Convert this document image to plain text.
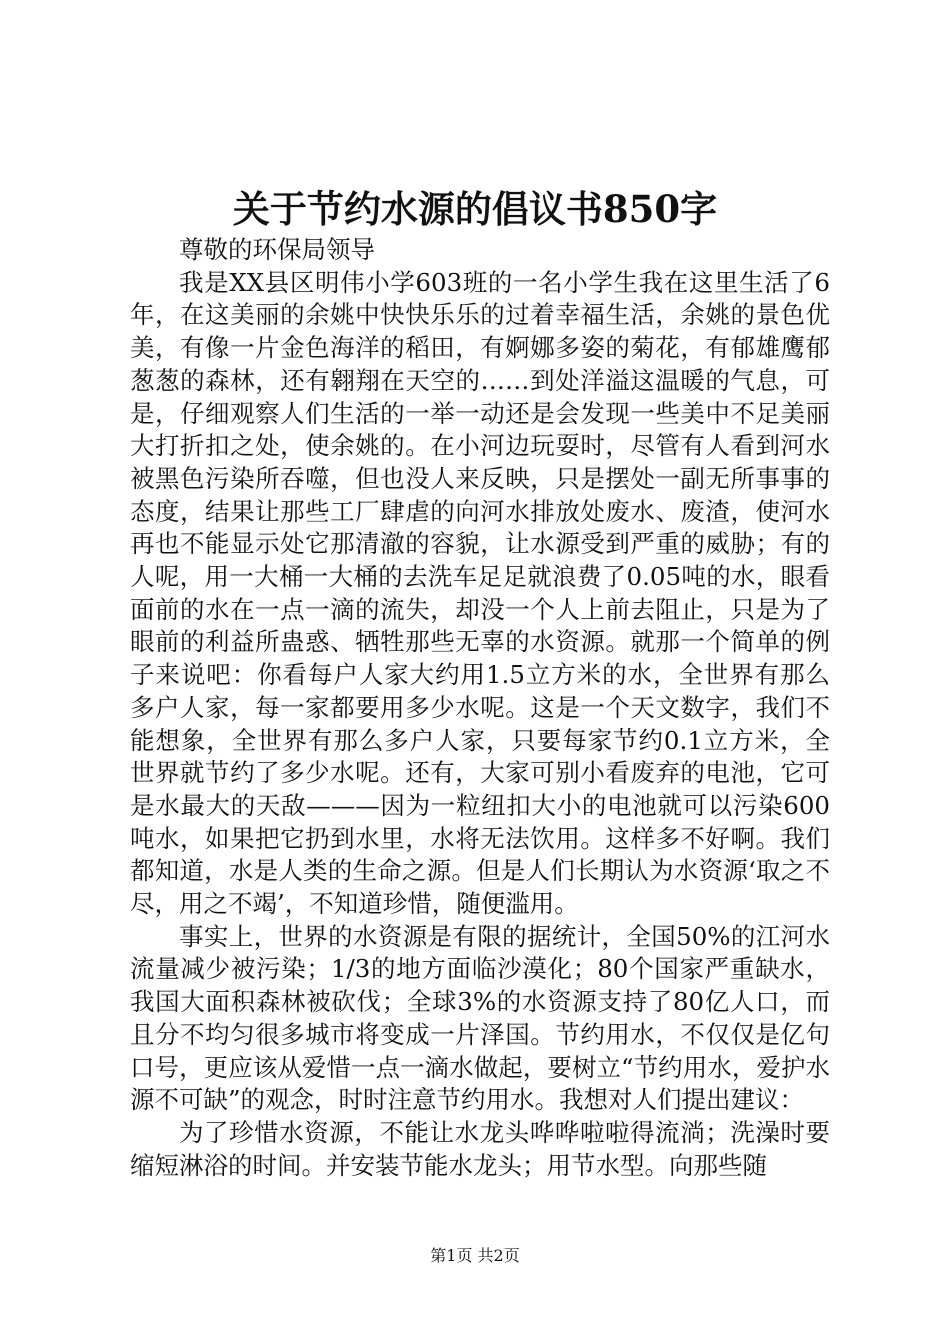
关于节约水源的倡议书850字

尊敬的环保局领导

我是XX县区明伟小学603班的一名小学生我在这里生活了6年，在这美丽的余姚中快快乐乐的过着幸福生活，余姚的景色优美，有像一片金色海洋的稻田，有婀娜多姿的菊花，有郁雄鹰郁葱葱的森林，还有翱翔在天空的……到处洋溢这温暖的气息，可是，仔细观察人们生活的一举一动还是会发现一些美中不足美丽大打折扣之处，使余姚的。在小河边玩耍时，尽管有人看到河水被黑色污染所吞噬，但也没人来反映，只是摆处一副无所事事的态度，结果让那些工厂肆虐的向河水排放处废水、废渣，使河水再也不能显示处它那清澈的容貌，让水源受到严重的威胁；有的人呢，用一大桶一大桶的去洗车足足就浪费了0.05吨的水，眼看面前的水在一点一滴的流失，却没一个人上前去阻止，只是为了眼前的利益所蛊惑、牺牲那些无辜的水资源。就那一个简单的例子来说吧：你看每户人家大约用1.5立方米的水，全世界有那么多户人家，每一家都要用多少水呢。这是一个天文数字，我们不能想象，全世界有那么多户人家，只要每家节约0.1立方米，全世界就节约了多少水呢。还有，大家可别小看废弃的电池，它可是水最大的天敌———因为一粒纽扣大小的电池就可以污染600吨水，如果把它扔到水里，水将无法饮用。这样多不好啊。我们都知道，水是人类的生命之源。但是人们长期认为水资源‘取之不尽，用之不竭’，不知道珍惜，随便滥用。

事实上，世界的水资源是有限的据统计，全国50%的江河水流量减少被污染；1/3的地方面临沙漠化；80个国家严重缺水，我国大面积森林被砍伐；全球3%的水资源支持了80亿人口，而且分不均匀很多城市将变成一片泽国。节约用水，不仅仅是亿句口号，更应该从爱惜一点一滴水做起，要树立“节约用水，爱护水源不可缺”的观念，时时注意节约用水。我想对人们提出建议：

为了珍惜水资源，不能让水龙头哗哗啦啦得流淌；洗澡时要缩短淋浴的时间。并安装节能水龙头；用节水型。向那些随

第1页 共2页
